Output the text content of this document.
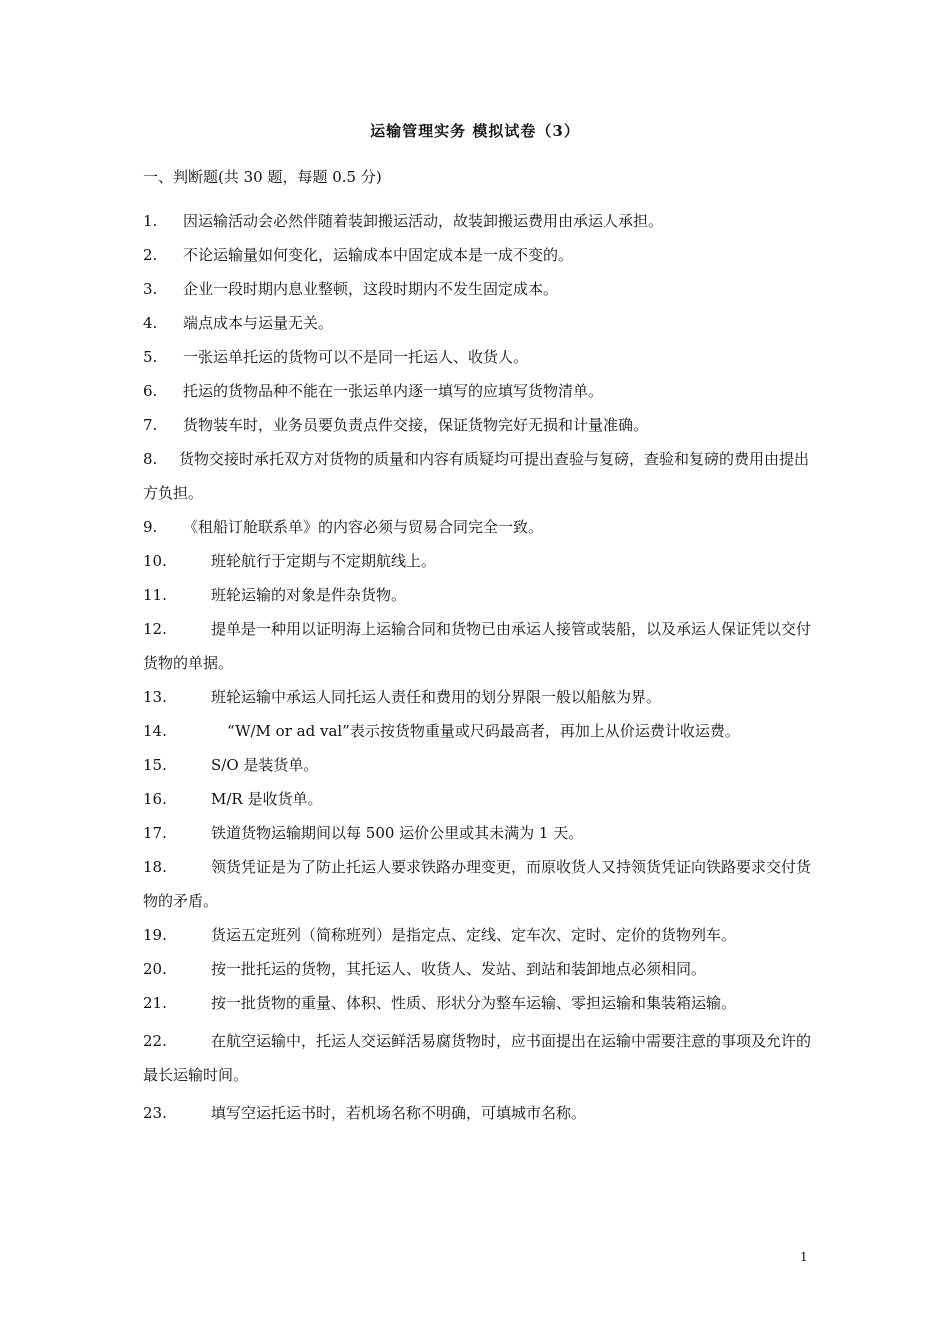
运输管理实务 模拟试卷（3）
一、判断题(共 30 题，每题 0.5 分)
1. 因运输活动会必然伴随着装卸搬运活动，故装卸搬运费用由承运人承担。
2. 不论运输量如何变化，运输成本中固定成本是一成不变的。
3. 企业一段时期内息业整顿，这段时期内不发生固定成本。
4. 端点成本与运量无关。
5. 一张运单托运的货物可以不是同一托运人、收货人。
6. 托运的货物品种不能在一张运单内逐一填写的应填写货物清单。
7. 货物装车时，业务员要负责点件交接，保证货物完好无损和计量准确。
8. 货物交接时承托双方对货物的质量和内容有质疑均可提出查验与复磅，查验和复磅的费用由提出方负担。
9. 《租船订舱联系单》的内容必须与贸易合同完全一致。
10.	班轮航行于定期与不定期航线上。
11.	班轮运输的对象是件杂货物。
12.	提单是一种用以证明海上运输合同和货物已由承运人接管或装船，以及承运人保证凭以交付货物的单据。
13.	班轮运输中承运人同托运人责任和费用的划分界限一般以船舷为界。
14.	“W/M or ad val”表示按货物重量或尺码最高者，再加上从价运费计收运费。
15.	S/O 是装货单。
16.	M/R 是收货单。
17.	铁道货物运输期间以每 500 运价公里或其未满为 1 天。
18.	领货凭证是为了防止托运人要求铁路办理变更，而原收货人又持领货凭证向铁路要求交付货物的矛盾。
19.	货运五定班列（简称班列）是指定点、定线、定车次、定时、定价的货物列车。
20.	按一批托运的货物，其托运人、收货人、发站、到站和装卸地点必须相同。
21.	按一批货物的重量、体积、性质、形状分为整车运输、零担运输和集装箱运输。
22.	在航空运输中，托运人交运鲜活易腐货物时，应书面提出在运输中需要注意的事项及允许的最长运输时间。
23.	填写空运托运书时，若机场名称不明确，可填城市名称。
1
